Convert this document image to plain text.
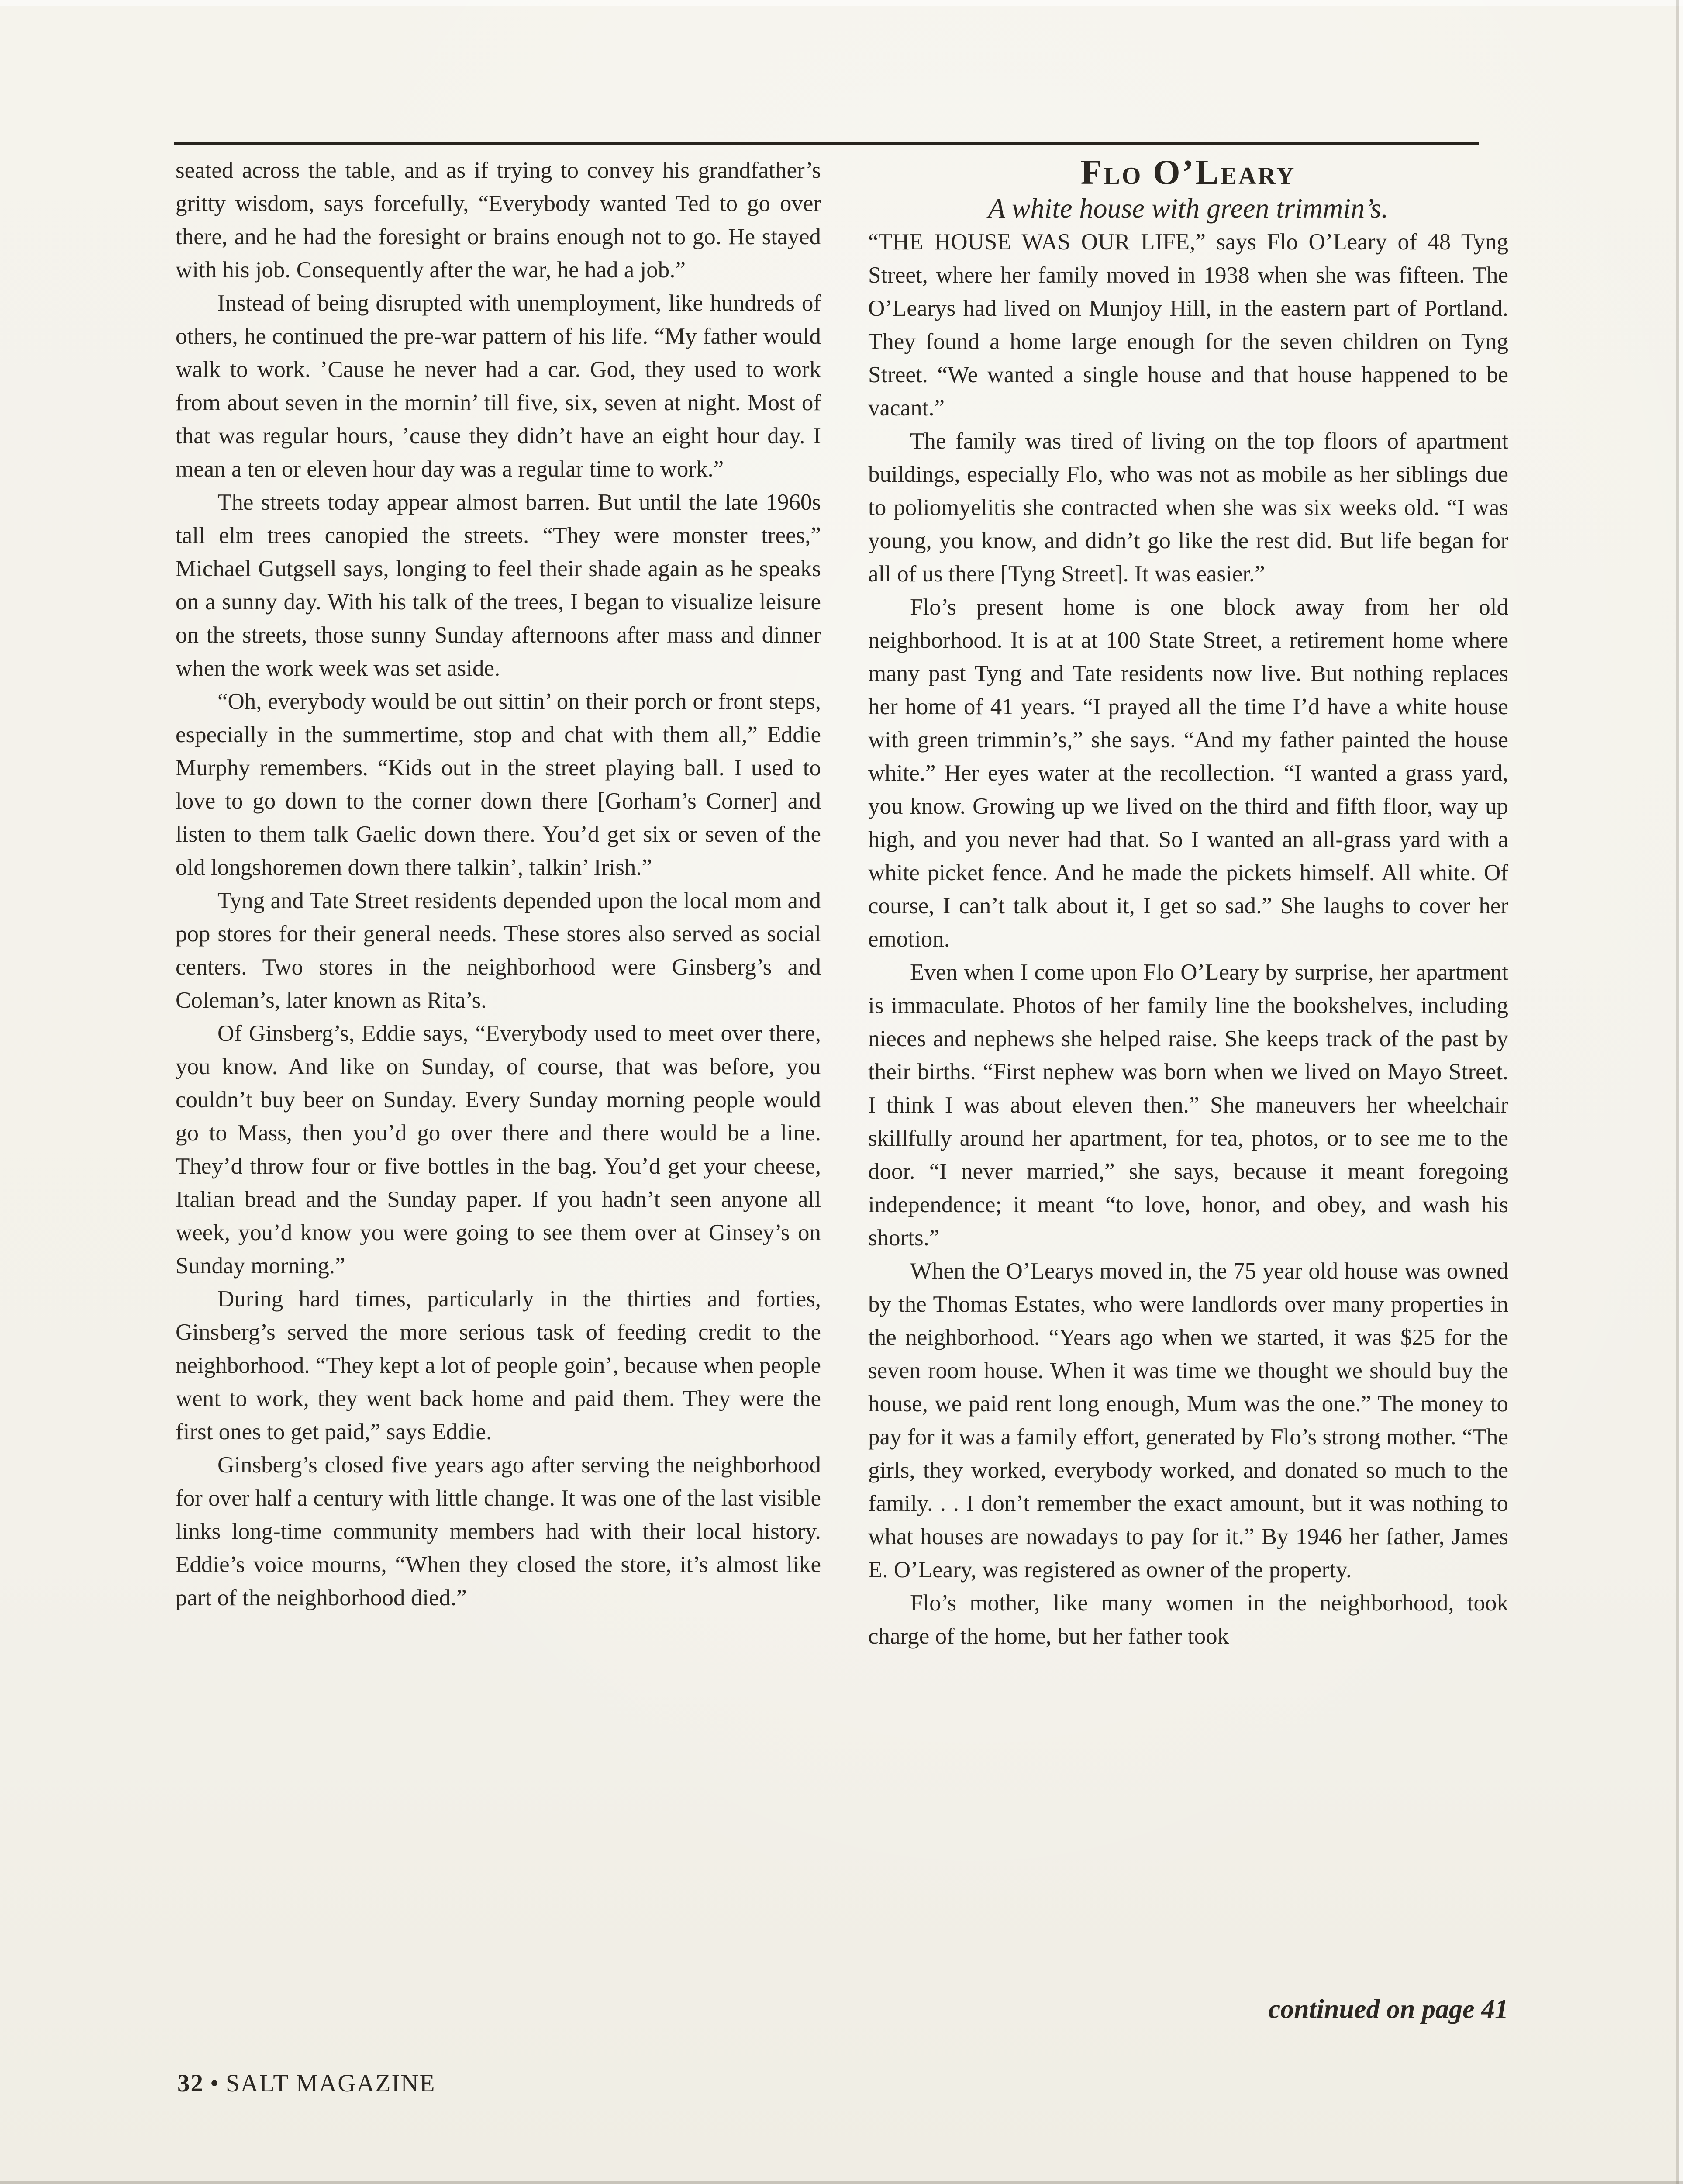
seated across the table, and as if trying to convey his grandfather’s gritty wisdom, says forcefully, “Everybody wanted Ted to go over there, and he had the foresight or brains enough not to go. He stayed with his job. Consequently after the war, he had a job.”

Instead of being disrupted with unemployment, like hundreds of others, he continued the pre-war pattern of his life. “My father would walk to work. ’Cause he never had a car. God, they used to work from about seven in the mornin’ till five, six, seven at night. Most of that was regular hours, ’cause they didn’t have an eight hour day. I mean a ten or eleven hour day was a regular time to work.”

The streets today appear almost barren. But until the late 1960s tall elm trees canopied the streets. “They were monster trees,” Michael Gutgsell says, longing to feel their shade again as he speaks on a sunny day. With his talk of the trees, I began to visualize leisure on the streets, those sunny Sunday afternoons after mass and dinner when the work week was set aside.

“Oh, everybody would be out sittin’ on their porch or front steps, especially in the summertime, stop and chat with them all,” Eddie Murphy remembers. “Kids out in the street playing ball. I used to love to go down to the corner down there [Gorham’s Corner] and listen to them talk Gaelic down there. You’d get six or seven of the old longshoremen down there talkin’, talkin’ Irish.”

Tyng and Tate Street residents depended upon the local mom and pop stores for their general needs. These stores also served as social centers. Two stores in the neighborhood were Ginsberg’s and Coleman’s, later known as Rita’s.

Of Ginsberg’s, Eddie says, “Everybody used to meet over there, you know. And like on Sunday, of course, that was before, you couldn’t buy beer on Sunday. Every Sunday morning people would go to Mass, then you’d go over there and there would be a line. They’d throw four or five bottles in the bag. You’d get your cheese, Italian bread and the Sunday paper. If you hadn’t seen anyone all week, you’d know you were going to see them over at Ginsey’s on Sunday morning.”

During hard times, particularly in the thirties and forties, Ginsberg’s served the more serious task of feeding credit to the neighborhood. “They kept a lot of people goin’, because when people went to work, they went back home and paid them. They were the first ones to get paid,” says Eddie.

Ginsberg’s closed five years ago after serving the neighborhood for over half a century with little change. It was one of the last visible links long-time community members had with their local history. Eddie’s voice mourns, “When they closed the store, it’s almost like part of the neighborhood died.”

Flo O’Leary

A white house with green trimmin’s.

“THE HOUSE WAS OUR LIFE,” says Flo O’Leary of 48 Tyng Street, where her family moved in 1938 when she was fifteen. The O’Learys had lived on Munjoy Hill, in the eastern part of Portland. They found a home large enough for the seven children on Tyng Street. “We wanted a single house and that house happened to be vacant.”

The family was tired of living on the top floors of apartment buildings, especially Flo, who was not as mobile as her siblings due to poliomyelitis she contracted when she was six weeks old. “I was young, you know, and didn’t go like the rest did. But life began for all of us there [Tyng Street]. It was easier.”

Flo’s present home is one block away from her old neighborhood. It is at at 100 State Street, a retirement home where many past Tyng and Tate residents now live. But nothing replaces her home of 41 years. “I prayed all the time I’d have a white house with green trimmin’s,” she says. “And my father painted the house white.” Her eyes water at the recollection. “I wanted a grass yard, you know. Growing up we lived on the third and fifth floor, way up high, and you never had that. So I wanted an all-grass yard with a white picket fence. And he made the pickets himself. All white. Of course, I can’t talk about it, I get so sad.” She laughs to cover her emotion.

Even when I come upon Flo O’Leary by surprise, her apartment is immaculate. Photos of her family line the bookshelves, including nieces and nephews she helped raise. She keeps track of the past by their births. “First nephew was born when we lived on Mayo Street. I think I was about eleven then.” She maneuvers her wheelchair skillfully around her apartment, for tea, photos, or to see me to the door. “I never married,” she says, because it meant foregoing independence; it meant “to love, honor, and obey, and wash his shorts.”

When the O’Learys moved in, the 75 year old house was owned by the Thomas Estates, who were landlords over many properties in the neighborhood. “Years ago when we started, it was $25 for the seven room house. When it was time we thought we should buy the house, we paid rent long enough, Mum was the one.” The money to pay for it was a family effort, generated by Flo’s strong mother. “The girls, they worked, everybody worked, and donated so much to the family. . . I don’t remember the exact amount, but it was nothing to what houses are nowadays to pay for it.” By 1946 her father, James E. O’Leary, was registered as owner of the property.

Flo’s mother, like many women in the neighborhood, took charge of the home, but her father took

continued on page 41
32 • SALT MAGAZINE
